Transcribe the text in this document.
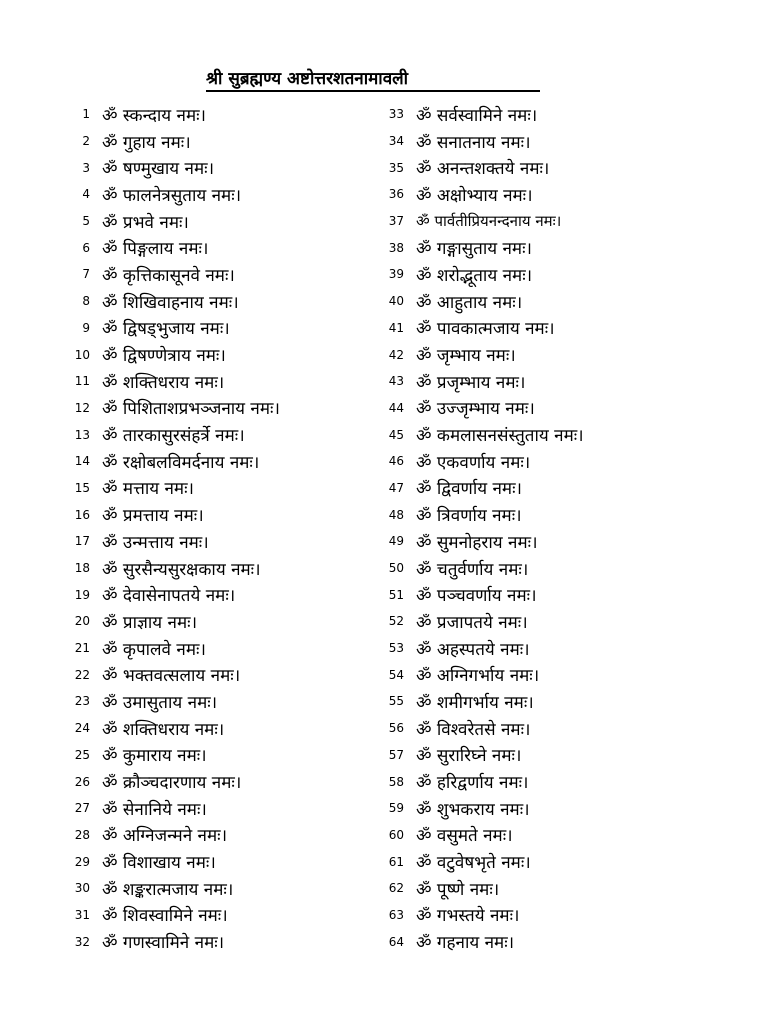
श्री सुब्रह्मण्य अष्टोत्तरशतनामावली
1 ॐ स्कन्दाय नमः।
2 ॐ गुहाय नमः।
3 ॐ षण्मुखाय नमः।
4 ॐ फालनेत्रसुताय नमः।
5 ॐ प्रभवे नमः।
6 ॐ पिङ्गलाय नमः।
7 ॐ कृत्तिकासूनवे नमः।
8 ॐ शिखिवाहनाय नमः।
9 ॐ द्विषड्भुजाय नमः।
10 ॐ द्विषण्णेत्राय नमः।
11 ॐ शक्तिधराय नमः।
12 ॐ पिशिताशप्रभञ्जनाय नमः।
13 ॐ तारकासुरसंहर्त्रे नमः।
14 ॐ रक्षोबलविमर्दनाय नमः।
15 ॐ मत्ताय नमः।
16 ॐ प्रमत्ताय नमः।
17 ॐ उन्मत्ताय नमः।
18 ॐ सुरसैन्यसुरक्षकाय नमः।
19 ॐ देवासेनापतये नमः।
20 ॐ प्राज्ञाय नमः।
21 ॐ कृपालवे नमः।
22 ॐ भक्तवत्सलाय नमः।
23 ॐ उमासुताय नमः।
24 ॐ शक्तिधराय नमः।
25 ॐ कुमाराय नमः।
26 ॐ क्रौञ्चदारणाय नमः।
27 ॐ सेनानिये नमः।
28 ॐ अग्निजन्मने नमः।
29 ॐ विशाखाय नमः।
30 ॐ शङ्करात्मजाय नमः।
31 ॐ शिवस्वामिने नमः।
32 ॐ गणस्वामिने नमः।
33 ॐ सर्वस्वामिने नमः।
34 ॐ सनातनाय नमः।
35 ॐ अनन्तशक्तये नमः।
36 ॐ अक्षोभ्याय नमः।
37 ॐ पार्वतीप्रियनन्दनाय नमः।
38 ॐ गङ्गासुताय नमः।
39 ॐ शरोद्भूताय नमः।
40 ॐ आहुताय नमः।
41 ॐ पावकात्मजाय नमः।
42 ॐ जृम्भाय नमः।
43 ॐ प्रजृम्भाय नमः।
44 ॐ उज्जृम्भाय नमः।
45 ॐ कमलासनसंस्तुताय नमः।
46 ॐ एकवर्णाय नमः।
47 ॐ द्विवर्णाय नमः।
48 ॐ त्रिवर्णाय नमः।
49 ॐ सुमनोहराय नमः।
50 ॐ चतुर्वर्णाय नमः।
51 ॐ पञ्चवर्णाय नमः।
52 ॐ प्रजापतये नमः।
53 ॐ अहस्पतये नमः।
54 ॐ अग्निगर्भाय नमः।
55 ॐ शमीगर्भाय नमः।
56 ॐ विश्वरेतसे नमः।
57 ॐ सुरारिघ्ने नमः।
58 ॐ हरिद्वर्णाय नमः।
59 ॐ शुभकराय नमः।
60 ॐ वसुमते नमः।
61 ॐ वटुवेषभृते नमः।
62 ॐ पूष्णे नमः।
63 ॐ गभस्तये नमः।
64 ॐ गहनाय नमः।
